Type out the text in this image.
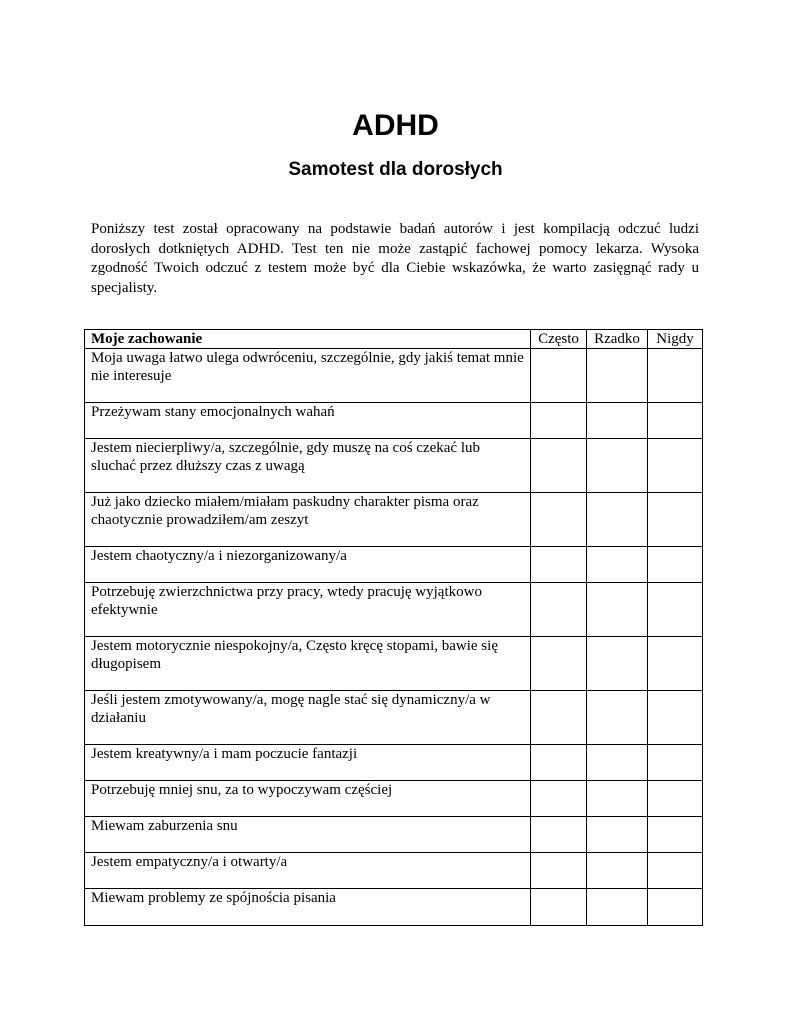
ADHD
Samotest dla dorosłych

Poniższy test został opracowany na podstawie badań autorów i jest kompilacją odczuć ludzi dorosłych dotkniętych ADHD. Test ten nie może zastąpić fachowej pomocy lekarza. Wysoka zgodność Twoich odczuć z testem może być dla Ciebie wskazówka, że warto zasięgnąć rady u specjalisty.

Moje zachowanie	Często	Rzadko	Nigdy
Moja uwaga łatwo ulega odwróceniu, szczególnie, gdy jakiś temat mnie nie interesuje			
Przeżywam stany emocjonalnych wahań			
Jestem niecierpliwy/a, szczególnie, gdy muszę na coś czekać lub sluchać przez dłuższy czas z uwagą			
Już jako dziecko miałem/miałam paskudny charakter pisma oraz chaotycznie prowadziłem/am zeszyt			
Jestem chaotyczny/a i niezorganizowany/a			
Potrzebuję zwierzchnictwa przy pracy, wtedy pracuję wyjątkowo efektywnie			
Jestem motorycznie niespokojny/a, Często kręcę stopami, bawie się długopisem			
Jeśli jestem zmotywowany/a, mogę nagle stać się dynamiczny/a w działaniu			
Jestem kreatywny/a i mam poczucie fantazji			
Potrzebuję mniej snu, za to wypoczywam częściej			
Miewam zaburzenia snu			
Jestem empatyczny/a i otwarty/a			
Miewam problemy ze spójnościa pisania			
